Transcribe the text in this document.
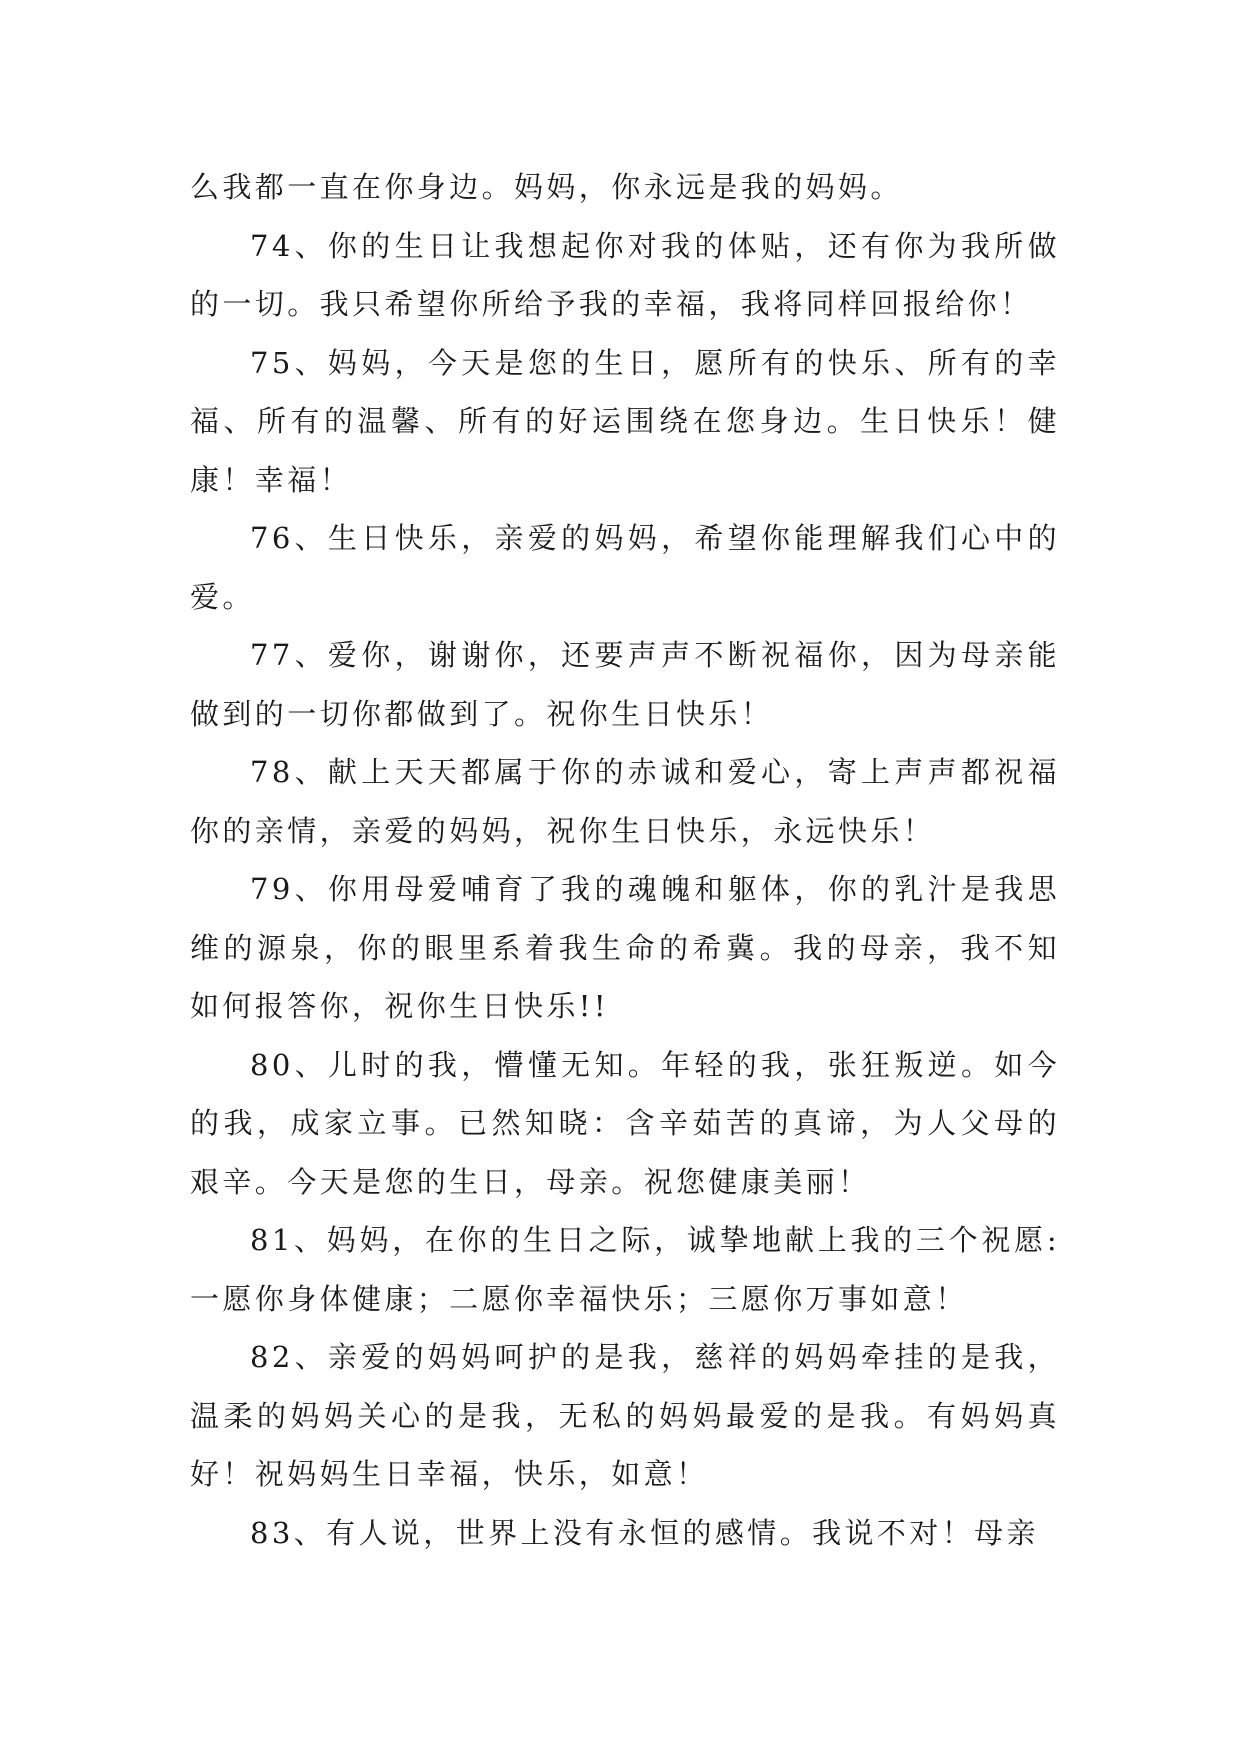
么我都一直在你身边。妈妈，你永远是我的妈妈。

74、你的生日让我想起你对我的体贴，还有你为我所做的一切。我只希望你所给予我的幸福，我将同样回报给你！

75、妈妈，今天是您的生日，愿所有的快乐、所有的幸福、所有的温馨、所有的好运围绕在您身边。生日快乐！健康！幸福！

76、生日快乐，亲爱的妈妈，希望你能理解我们心中的爱。

77、爱你，谢谢你，还要声声不断祝福你，因为母亲能做到的一切你都做到了。祝你生日快乐！

78、献上天天都属于你的赤诚和爱心，寄上声声都祝福你的亲情，亲爱的妈妈，祝你生日快乐，永远快乐！

79、你用母爱哺育了我的魂魄和躯体，你的乳汁是我思维的源泉，你的眼里系着我生命的希冀。我的母亲，我不知如何报答你，祝你生日快乐!!

80、儿时的我，懵懂无知。年轻的我，张狂叛逆。如今的我，成家立事。已然知晓：含辛茹苦的真谛，为人父母的艰辛。今天是您的生日，母亲。祝您健康美丽！

81、妈妈，在你的生日之际，诚挚地献上我的三个祝愿:一愿你身体健康；二愿你幸福快乐；三愿你万事如意！

82、亲爱的妈妈呵护的是我，慈祥的妈妈牵挂的是我，温柔的妈妈关心的是我，无私的妈妈最爱的是我。有妈妈真好！祝妈妈生日幸福，快乐，如意！

83、有人说，世界上没有永恒的感情。我说不对！母亲
